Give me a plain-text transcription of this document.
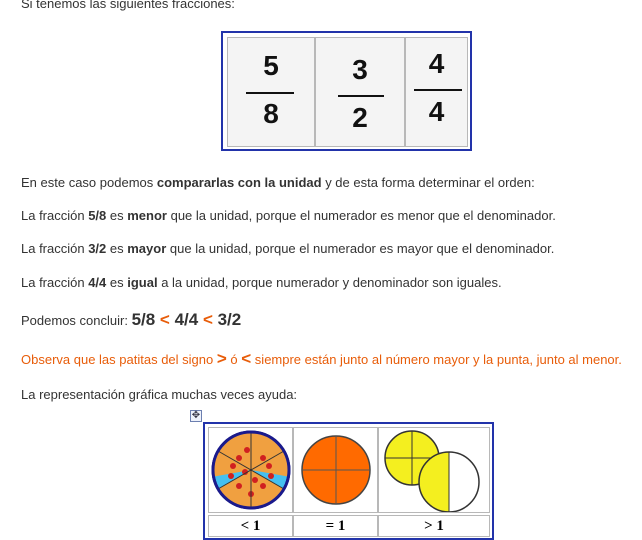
Si tenemos las siguientes fracciones:
5
8
3
2
4
4
En este caso podemos compararlas con la unidad y de esta forma determinar el orden:
La fracción 5/8 es menor que la unidad, porque el numerador es menor que el denominador.
La fracción 3/2 es mayor que la unidad, porque el numerador es mayor que el denominador.
La fracción 4/4 es igual a la unidad, porque numerador y denominador son iguales.
Podemos concluir: 5/8 < 4/4 < 3/2
Observa que las patitas del signo > ó < siempre están junto al número mayor y la punta, junto al menor.
La representación gráfica muchas veces ayuda:
✥
< 1	= 1	> 1
